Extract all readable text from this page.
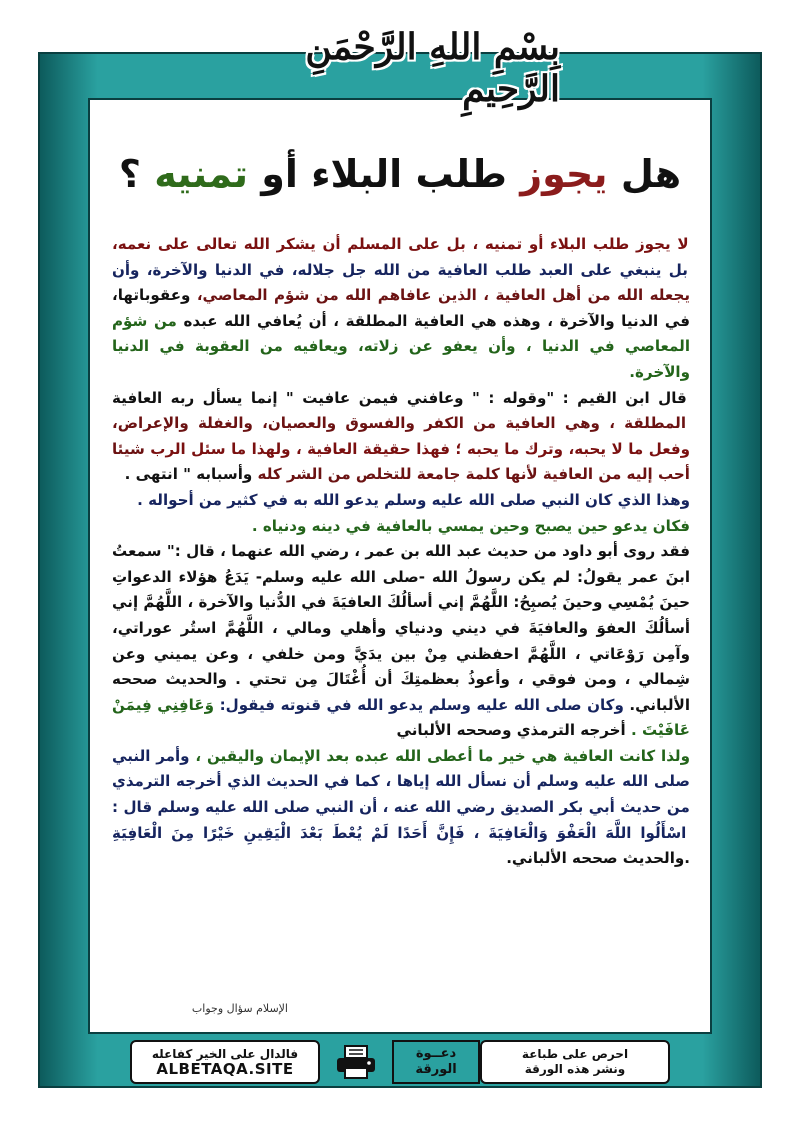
بِسْمِ اللهِ الرَّحْمَنِ الرَّحِيمِ
هل يجوز طلب البلاء أو تمنيه ؟

لا يجوز طلب البلاء أو تمنيه ، بل على المسلم أن يشكر الله تعالى على نعمه، بل ينبغي على العبد طلب العافية من الله جل جلاله، في الدنيا والآخرة، وأن يجعله الله من أهل العافية ، الذين عافاهم الله من شؤم المعاصي، وعقوباتها، في الدنيا والآخرة ، وهذه هي العافية المطلقة ، أن يُعافي الله عبده من شؤم المعاصي في الدنيا ، وأن يعفو عن زلاته، ويعافيه من العقوبة في الدنيا والآخرة.

قال ابن القيم : "وقوله : " وعافني فيمن عافيت " إنما يسأل ربه العافية المطلقة ، وهي العافية من الكفر والفسوق والعصيان، والغفلة والإعراض، وفعل ما لا يحبه، وترك ما يحبه ؛ فهذا حقيقة العافية ، ولهذا ما سئل الرب شيئا أحب إليه من العافية لأنها كلمة جامعة للتخلص من الشر كله وأسبابه " انتهى .

وهذا الذي كان النبي صلى الله عليه وسلم يدعو الله به في كثير من أحواله .

فكان يدعو حين يصبح وحين يمسي بالعافية في دينه ودنياه .

فقد روى أبو داود من حديث عبد الله بن عمر ، رضي الله عنهما ، قال :" سمعتُ ابنَ عمر يقولُ: لم يكن رسولُ الله -صلى الله عليه وسلم- يَدَعُ هؤلاء الدعواتِ حينَ يُمْسِي وحينَ يُصبِحُ: اللَّهُمَّ إني أسألُكَ العافيَةَ في الدُّنيا والآخرة ، اللَّهُمَّ إني أسألُكَ العفوَ والعافيَةَ في ديني ودنياي وأهلي ومالي ، اللَّهُمَّ استُر عوراتي، وآمِن رَوْعَاتي ، اللَّهُمَّ احفظني مِنْ بين يدَيَّ ومن خلفي ، وعن يميني وعن شِمالي ، ومن فوقي ، وأعوذُ بعظمتِكَ أن أُغْتَالَ مِن تحتي . والحديث صححه الألباني. وكان صلى الله عليه وسلم يدعو الله في قنوته فيقول: وَعَافِنِي فِيمَنْ عَافَيْتَ . أخرجه الترمذي وصححه الألباني

ولذا كانت العافية هي خير ما أعطى الله عبده بعد الإيمان واليقين ، وأمر النبي صلى الله عليه وسلم أن نسأل الله إياها ، كما في الحديث الذي أخرجه الترمذي من حديث أبي بكر الصديق رضي الله عنه ، أن النبي صلى الله عليه وسلم قال : اسْأَلُوا اللَّهَ الْعَفْوَ وَالْعَافِيَةَ ، فَإِنَّ أَحَدًا لَمْ يُعْطَ بَعْدَ الْيَقِينِ خَيْرًا مِنَ الْعَافِيَةِ .والحديث صححه الألباني.

الإسلام سؤال وجواب
احرص على طباعة
ونشر هذه الورقة
دعــوة
الورقة
فالدال على الخير كفاعله
ALBETAQA.SITE
